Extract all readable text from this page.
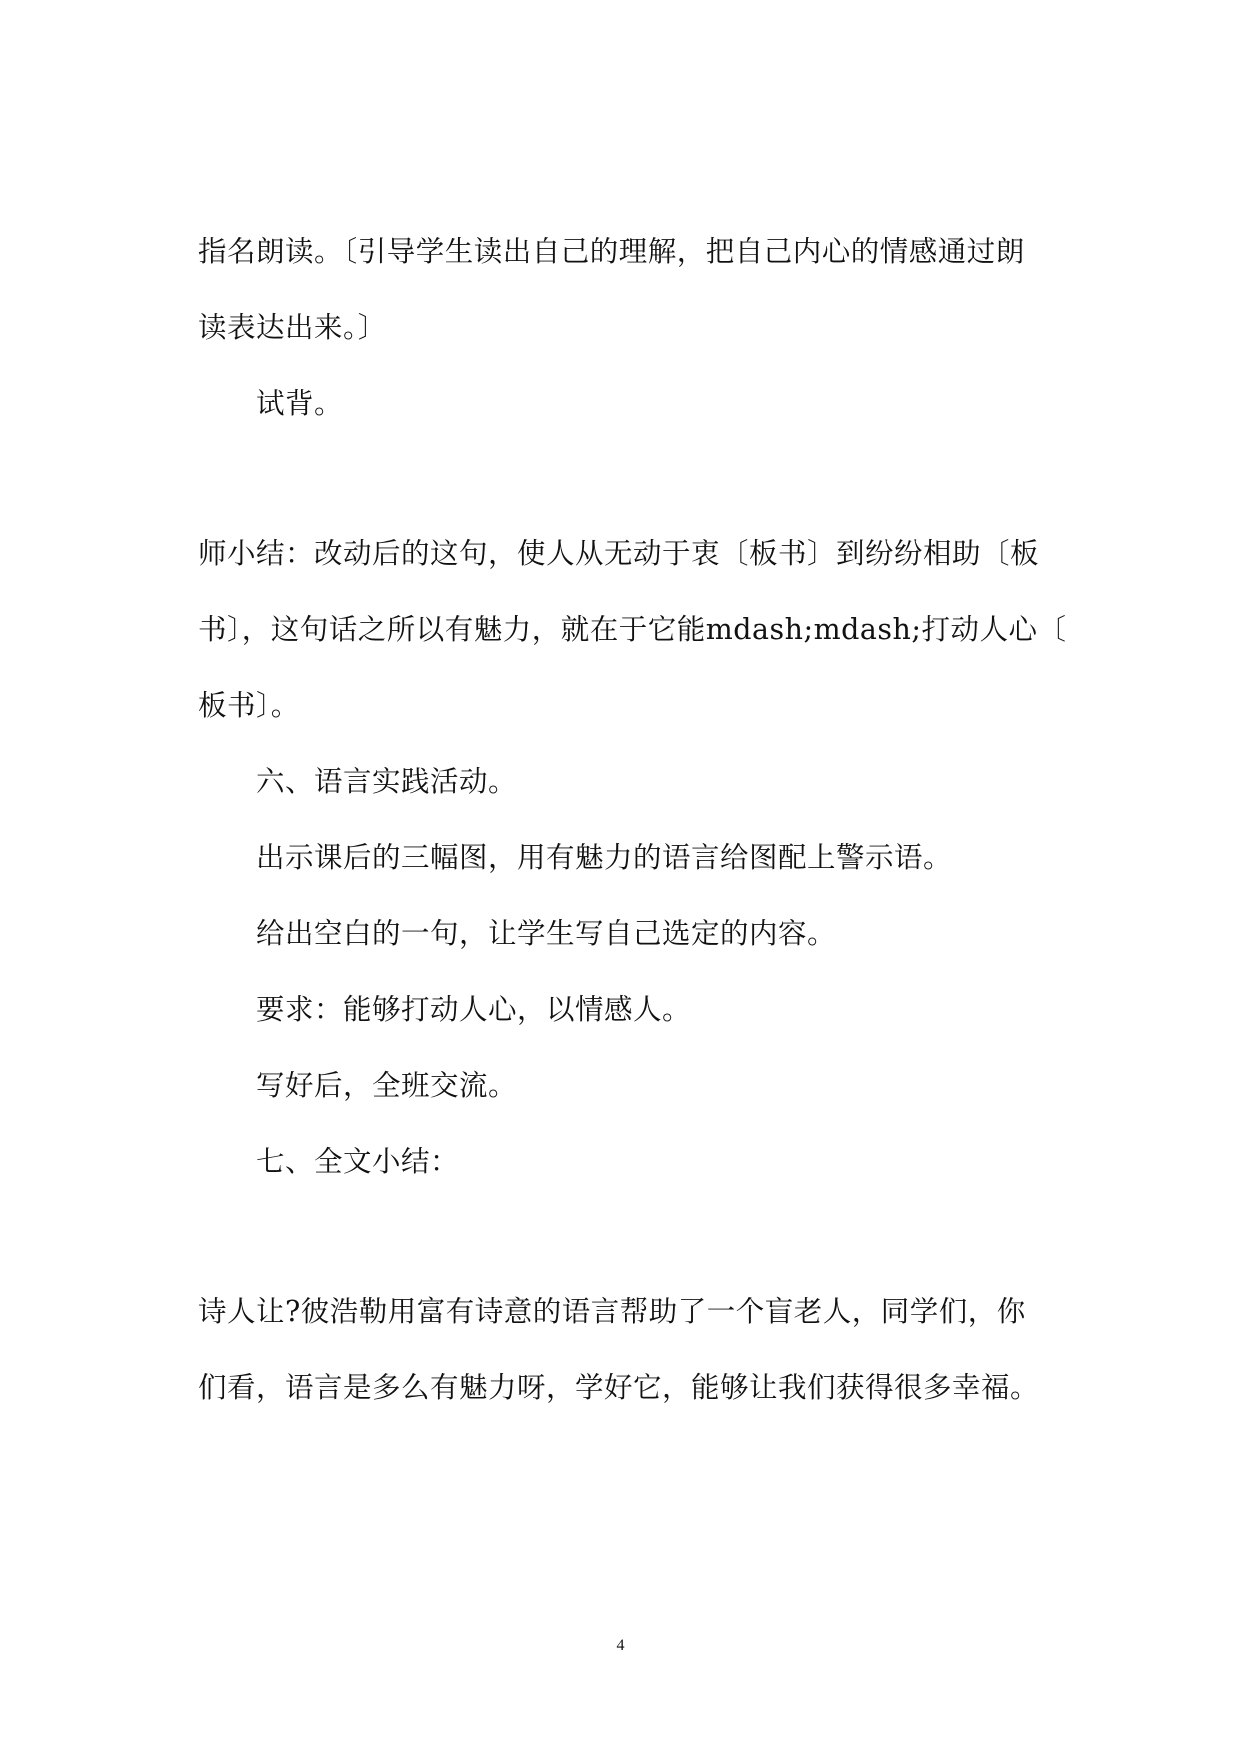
指名朗读。〔引导学生读出自己的理解，把自己内心的情感通过朗

读表达出来。〕

试背。

师小结：改动后的这句，使人从无动于衷〔板书〕到纷纷相助〔板

书〕，这句话之所以有魅力，就在于它能mdash;mdash;打动人心〔

板书〕。

六、语言实践活动。

出示课后的三幅图，用有魅力的语言给图配上警示语。

给出空白的一句，让学生写自己选定的内容。

要求：能够打动人心，以情感人。

写好后，全班交流。

七、全文小结：

诗人让?彼浩勒用富有诗意的语言帮助了一个盲老人，同学们，你

们看，语言是多么有魅力呀，学好它，能够让我们获得很多幸福。

4
